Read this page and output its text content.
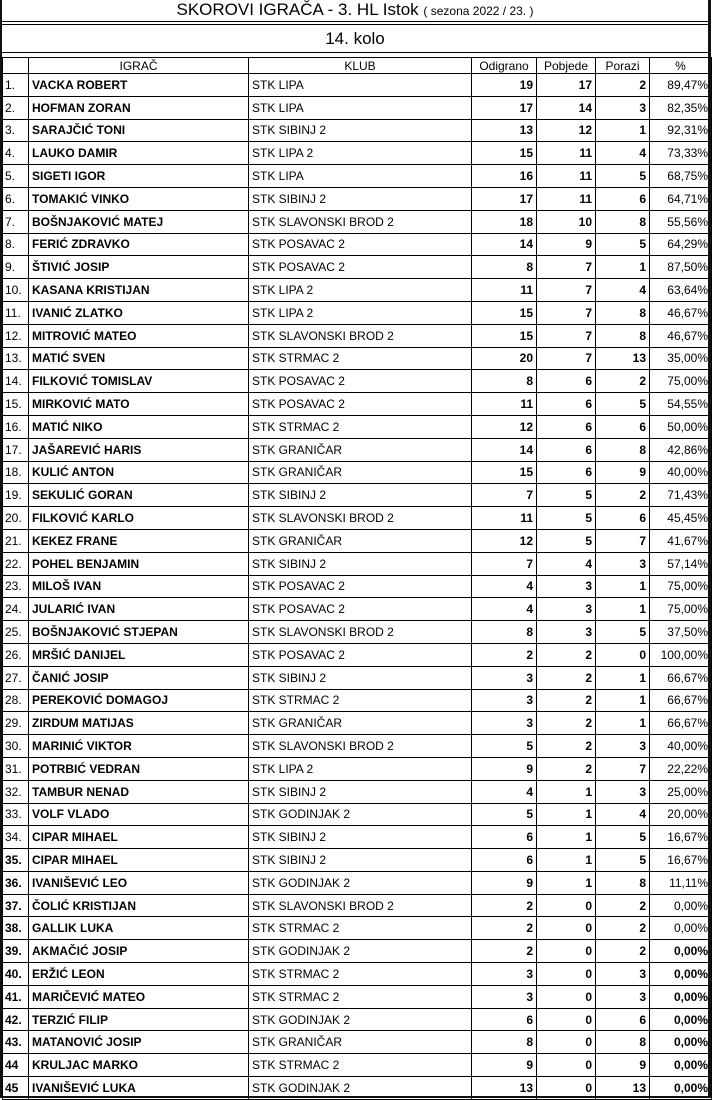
SKOROVI IGRAČA - 3. HL Istok ( sezona 2022 / 23. )
14. kolo
	IGRAČ	KLUB	Odigrano	Pobjede	Porazi	%
1.	VACKA ROBERT	STK LIPA	19	17	2	89,47%
2.	HOFMAN ZORAN	STK LIPA	17	14	3	82,35%
3.	SARAJČIĆ TONI	STK SIBINJ 2	13	12	1	92,31%
4.	LAUKO DAMIR	STK LIPA 2	15	11	4	73,33%
5.	SIGETI IGOR	STK LIPA	16	11	5	68,75%
6.	TOMAKIĆ VINKO	STK SIBINJ 2	17	11	6	64,71%
7.	BOŠNJAKOVIĆ MATEJ	STK SLAVONSKI BROD 2	18	10	8	55,56%
8.	FERIĆ ZDRAVKO	STK POSAVAC 2	14	9	5	64,29%
9.	ŠTIVIĆ JOSIP	STK POSAVAC 2	8	7	1	87,50%
10.	KASANA KRISTIJAN	STK LIPA 2	11	7	4	63,64%
11.	IVANIĆ ZLATKO	STK LIPA 2	15	7	8	46,67%
12.	MITROVIĆ MATEO	STK SLAVONSKI BROD 2	15	7	8	46,67%
13.	MATIĆ SVEN	STK STRMAC 2	20	7	13	35,00%
14.	FILKOVIĆ TOMISLAV	STK POSAVAC 2	8	6	2	75,00%
15.	MIRKOVIĆ MATO	STK POSAVAC 2	11	6	5	54,55%
16.	MATIĆ NIKO	STK STRMAC 2	12	6	6	50,00%
17.	JAŠAREVIĆ HARIS	STK GRANIČAR	14	6	8	42,86%
18.	KULIĆ ANTON	STK GRANIČAR	15	6	9	40,00%
19.	SEKULIĆ GORAN	STK SIBINJ 2	7	5	2	71,43%
20.	FILKOVIĆ KARLO	STK SLAVONSKI BROD 2	11	5	6	45,45%
21.	KEKEZ FRANE	STK GRANIČAR	12	5	7	41,67%
22.	POHEL BENJAMIN	STK SIBINJ 2	7	4	3	57,14%
23.	MILOŠ IVAN	STK POSAVAC 2	4	3	1	75,00%
24.	JULARIĆ IVAN	STK POSAVAC 2	4	3	1	75,00%
25.	BOŠNJAKOVIĆ STJEPAN	STK SLAVONSKI BROD 2	8	3	5	37,50%
26.	MRŠIĆ DANIJEL	STK POSAVAC 2	2	2	0	100,00%
27.	ČANIĆ JOSIP	STK SIBINJ 2	3	2	1	66,67%
28.	PEREKOVIĆ DOMAGOJ	STK STRMAC 2	3	2	1	66,67%
29.	ZIRDUM MATIJAS	STK GRANIČAR	3	2	1	66,67%
30.	MARINIĆ VIKTOR	STK SLAVONSKI BROD 2	5	2	3	40,00%
31.	POTRBIĆ VEDRAN	STK LIPA 2	9	2	7	22,22%
32.	TAMBUR NENAD	STK SIBINJ 2	4	1	3	25,00%
33.	VOLF VLADO	STK GODINJAK 2	5	1	4	20,00%
34.	CIPAR MIHAEL	STK SIBINJ 2	6	1	5	16,67%
35.	CIPAR MIHAEL	STK SIBINJ 2	6	1	5	16,67%
36.	IVANIŠEVIĆ LEO	STK GODINJAK 2	9	1	8	11,11%
37.	ČOLIĆ KRISTIJAN	STK SLAVONSKI BROD 2	2	0	2	0,00%
38.	GALLIK LUKA	STK STRMAC 2	2	0	2	0,00%
39.	AKMAČIĆ JOSIP	STK GODINJAK 2	2	0	2	0,00%
40.	ERŽIĆ LEON	STK STRMAC 2	3	0	3	0,00%
41.	MARIČEVIĆ MATEO	STK STRMAC 2	3	0	3	0,00%
42.	TERZIĆ FILIP	STK GODINJAK 2	6	0	6	0,00%
43.	MATANOVIĆ JOSIP	STK GRANIČAR	8	0	8	0,00%
44	KRULJAC MARKO	STK STRMAC 2	9	0	9	0,00%
45	IVANIŠEVIĆ LUKA	STK GODINJAK 2	13	0	13	0,00%
